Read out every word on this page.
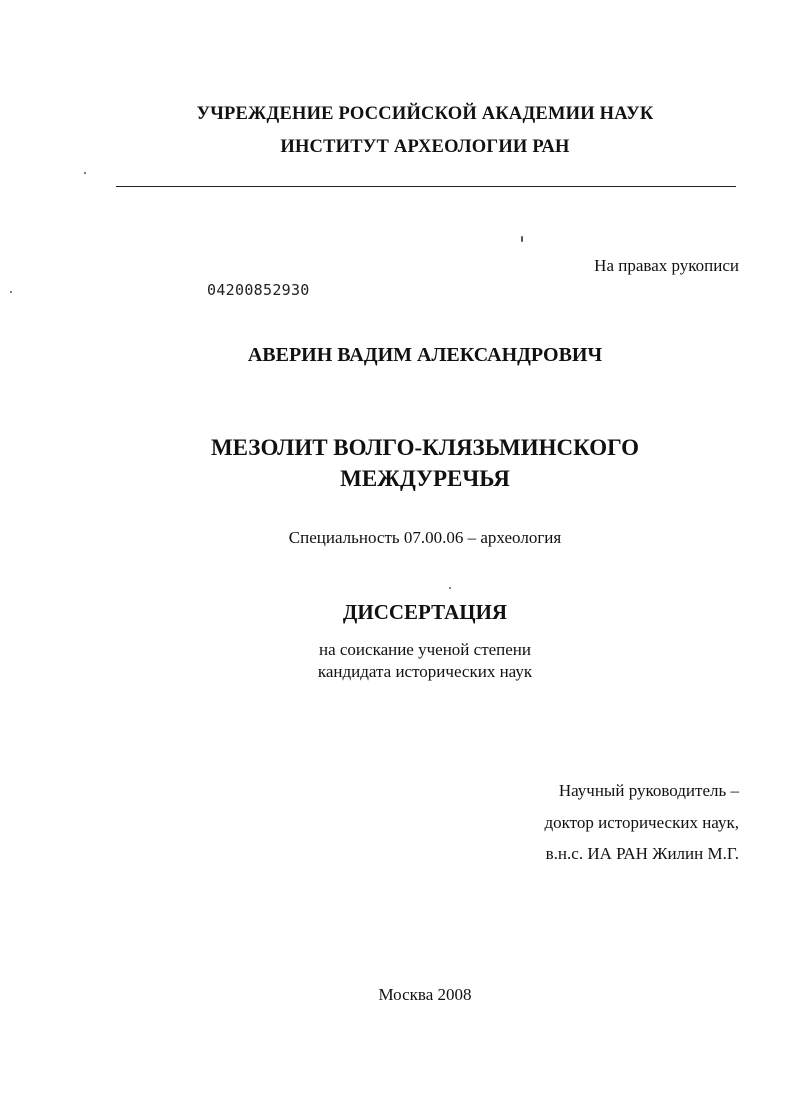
УЧРЕЖДЕНИЕ РОССИЙСКОЙ АКАДЕМИИ НАУК
ИНСТИТУТ АРХЕОЛОГИИ РАН
На правах рукописи
04200852930
АВЕРИН ВАДИМ АЛЕКСАНДРОВИЧ
МЕЗОЛИТ ВОЛГО-КЛЯЗЬМИНСКОГО
МЕЖДУРЕЧЬЯ
Специальность 07.00.06 – археология
ДИССЕРТАЦИЯ
на соискание ученой степени
кандидата исторических наук
Научный руководитель –
доктор исторических наук,
в.н.с. ИА РАН Жилин М.Г.
Москва 2008
